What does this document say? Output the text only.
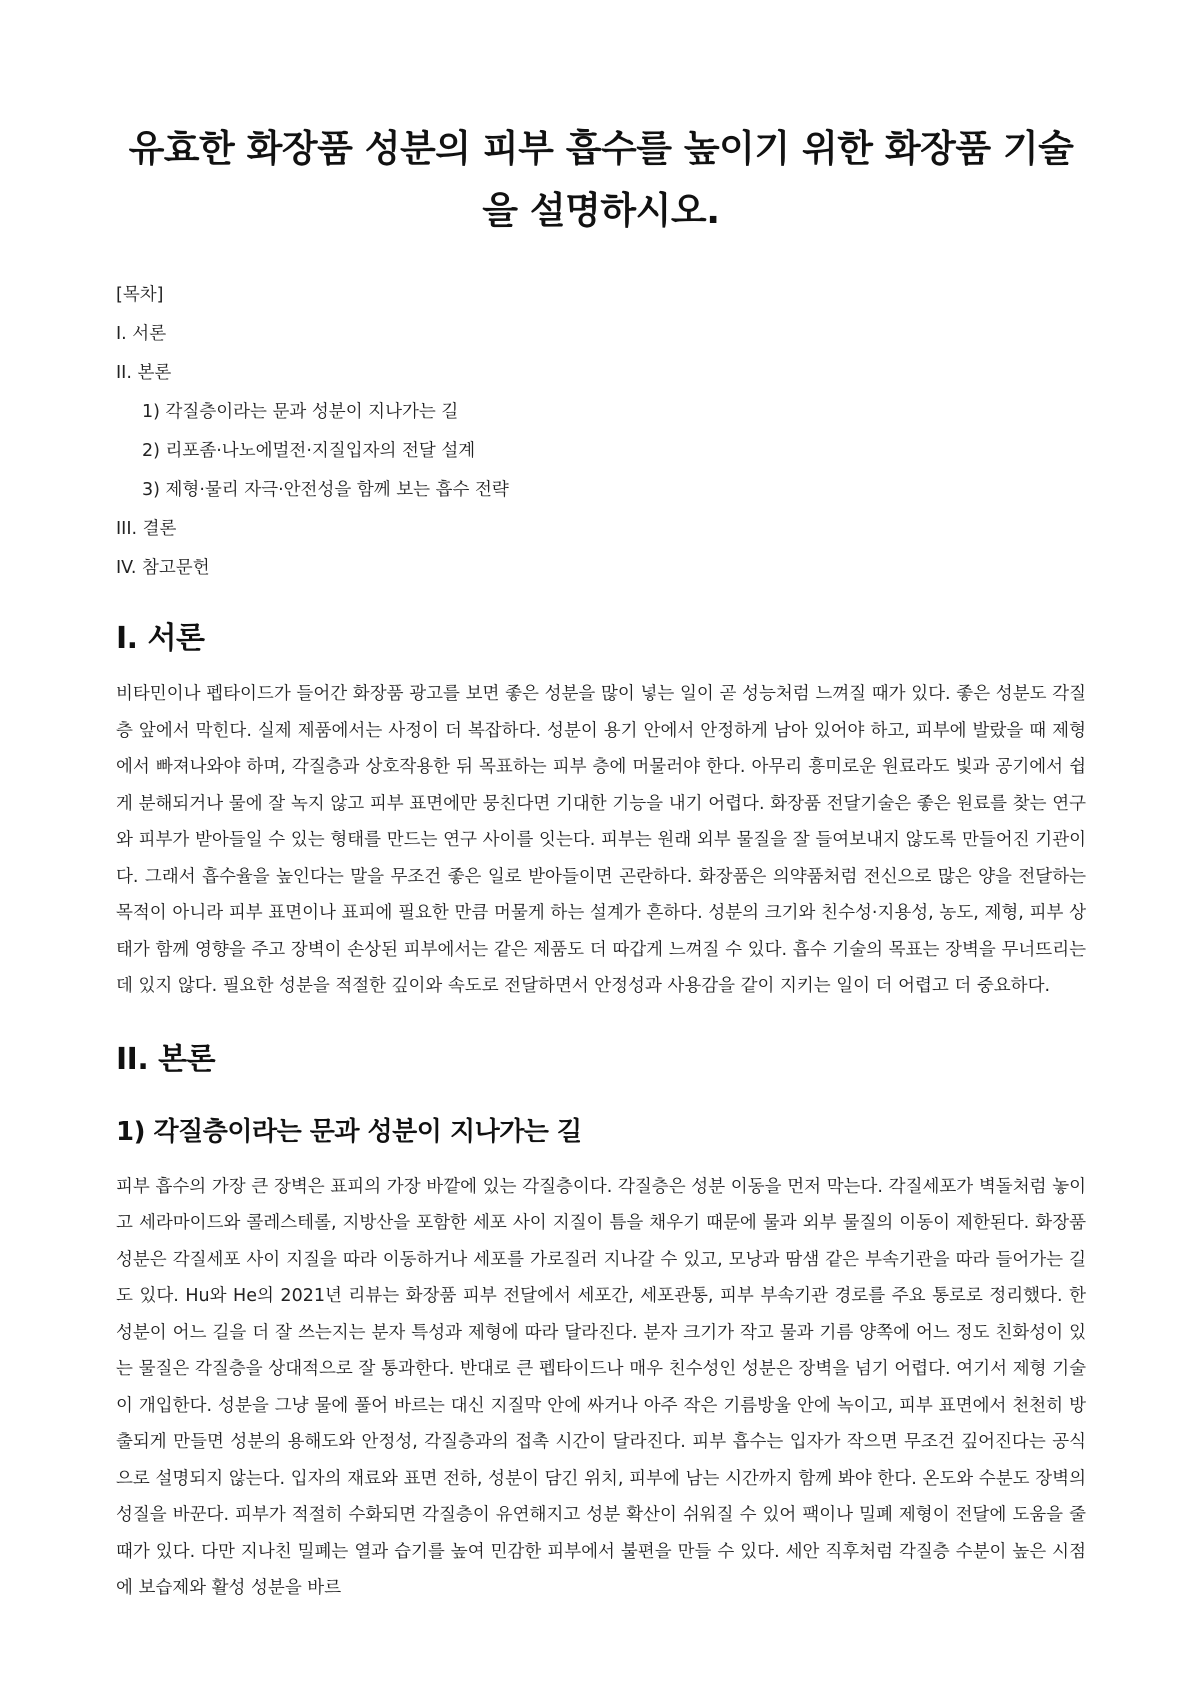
유효한 화장품 성분의 피부 흡수를 높이기 위한 화장품 기술을 설명하시오.
[목차]
I. 서론
II. 본론
1) 각질층이라는 문과 성분이 지나가는 길
2) 리포좀·나노에멀전·지질입자의 전달 설계
3) 제형·물리 자극·안전성을 함께 보는 흡수 전략
III. 결론
IV. 참고문헌
I. 서론

비타민이나 펩타이드가 들어간 화장품 광고를 보면 좋은 성분을 많이 넣는 일이 곧 성능처럼 느껴질 때가 있다. 좋은 성분도 각질층 앞에서 막힌다. 실제 제품에서는 사정이 더 복잡하다. 성분이 용기 안에서 안정하게 남아 있어야 하고, 피부에 발랐을 때 제형에서 빠져나와야 하며, 각질층과 상호작용한 뒤 목표하는 피부 층에 머물러야 한다. 아무리 흥미로운 원료라도 빛과 공기에서 쉽게 분해되거나 물에 잘 녹지 않고 피부 표면에만 뭉친다면 기대한 기능을 내기 어렵다. 화장품 전달기술은 좋은 원료를 찾는 연구와 피부가 받아들일 수 있는 형태를 만드는 연구 사이를 잇는다. 피부는 원래 외부 물질을 잘 들여보내지 않도록 만들어진 기관이다. 그래서 흡수율을 높인다는 말을 무조건 좋은 일로 받아들이면 곤란하다. 화장품은 의약품처럼 전신으로 많은 양을 전달하는 목적이 아니라 피부 표면이나 표피에 필요한 만큼 머물게 하는 설계가 흔하다. 성분의 크기와 친수성·지용성, 농도, 제형, 피부 상태가 함께 영향을 주고 장벽이 손상된 피부에서는 같은 제품도 더 따갑게 느껴질 수 있다. 흡수 기술의 목표는 장벽을 무너뜨리는 데 있지 않다. 필요한 성분을 적절한 깊이와 속도로 전달하면서 안정성과 사용감을 같이 지키는 일이 더 어렵고 더 중요하다.

II. 본론
1) 각질층이라는 문과 성분이 지나가는 길

피부 흡수의 가장 큰 장벽은 표피의 가장 바깥에 있는 각질층이다. 각질층은 성분 이동을 먼저 막는다. 각질세포가 벽돌처럼 놓이고 세라마이드와 콜레스테롤, 지방산을 포함한 세포 사이 지질이 틈을 채우기 때문에 물과 외부 물질의 이동이 제한된다. 화장품 성분은 각질세포 사이 지질을 따라 이동하거나 세포를 가로질러 지나갈 수 있고, 모낭과 땀샘 같은 부속기관을 따라 들어가는 길도 있다. Hu와 He의 2021년 리뷰는 화장품 피부 전달에서 세포간, 세포관통, 피부 부속기관 경로를 주요 통로로 정리했다. 한 성분이 어느 길을 더 잘 쓰는지는 분자 특성과 제형에 따라 달라진다. 분자 크기가 작고 물과 기름 양쪽에 어느 정도 친화성이 있는 물질은 각질층을 상대적으로 잘 통과한다. 반대로 큰 펩타이드나 매우 친수성인 성분은 장벽을 넘기 어렵다. 여기서 제형 기술이 개입한다. 성분을 그냥 물에 풀어 바르는 대신 지질막 안에 싸거나 아주 작은 기름방울 안에 녹이고, 피부 표면에서 천천히 방출되게 만들면 성분의 용해도와 안정성, 각질층과의 접촉 시간이 달라진다. 피부 흡수는 입자가 작으면 무조건 깊어진다는 공식으로 설명되지 않는다. 입자의 재료와 표면 전하, 성분이 담긴 위치, 피부에 남는 시간까지 함께 봐야 한다. 온도와 수분도 장벽의 성질을 바꾼다. 피부가 적절히 수화되면 각질층이 유연해지고 성분 확산이 쉬워질 수 있어 팩이나 밀폐 제형이 전달에 도움을 줄 때가 있다. 다만 지나친 밀폐는 열과 습기를 높여 민감한 피부에서 불편을 만들 수 있다. 세안 직후처럼 각질층 수분이 높은 시점에 보습제와 활성 성분을 바르
